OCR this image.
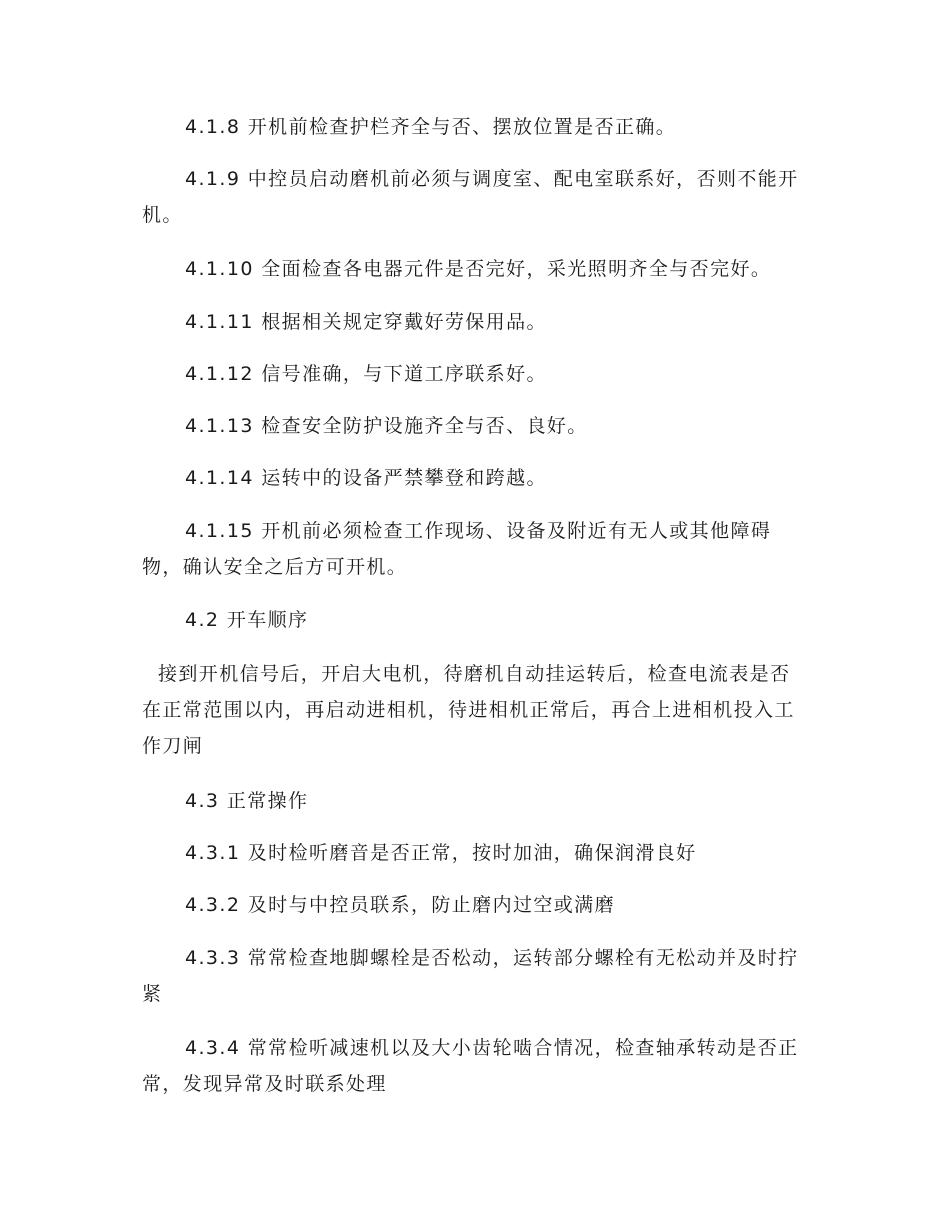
4.1.8 开机前检查护栏齐全与否、摆放位置是否正确。

4.1.9 中控员启动磨机前必须与调度室、配电室联系好，否则不能开机。

4.1.10 全面检查各电器元件是否完好，采光照明齐全与否完好。

4.1.11 根据相关规定穿戴好劳保用品。

4.1.12 信号准确，与下道工序联系好。

4.1.13 检查安全防护设施齐全与否、良好。

4.1.14 运转中的设备严禁攀登和跨越。

4.1.15 开机前必须检查工作现场、设备及附近有无人或其他障碍物，确认安全之后方可开机。

4.2 开车顺序

接到开机信号后，开启大电机，待磨机自动挂运转后，检查电流表是否在正常范围以内，再启动进相机，待进相机正常后，再合上进相机投入工作刀闸

4.3 正常操作

4.3.1 及时检听磨音是否正常，按时加油，确保润滑良好

4.3.2 及时与中控员联系，防止磨内过空或满磨

4.3.3 常常检查地脚螺栓是否松动，运转部分螺栓有无松动并及时拧紧

4.3.4 常常检听减速机以及大小齿轮啮合情况，检查轴承转动是否正常，发现异常及时联系处理
